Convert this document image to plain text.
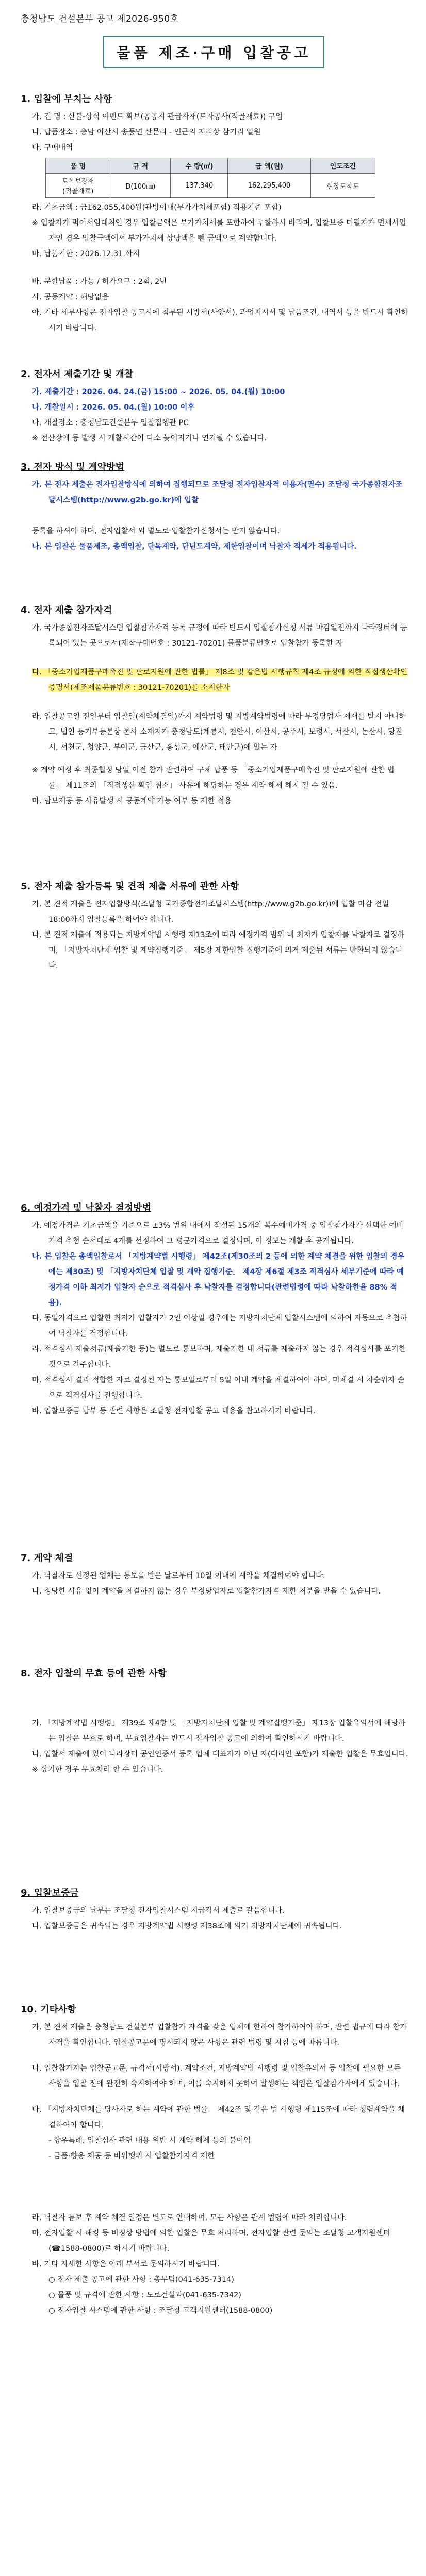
충청남도 건설본부 공고 제2026-950호
물품 제조·구매 입찰공고
1. 입찰에 부치는 사항

가. 건 명 : 산불-상식 이벤트 확보(공공지 관급자재(토자공사(적골재료)) 구입

나. 납품장소 : 충남 아산시 송풍면 산문리 - 인근의 지리상 삼거리 일원

다. 구매내역

품 명	규 격	수 량(㎡)	금 액(원)	인도조건
토목보강재
(적골재료)	D(100㎜)	137,340	162,295,400	현장도착도

라. 기초금액 : 금162,055,400원(관방이내(부가가치세포함) 적용기준 포함)

※ 입찰자가 먹어서임대처인 경우 입찰금액은 부가가치세를 포함하여 투찰하시 바라며, 입찰보증 미필자가 면세사업자인 경우 입찰금액에서 부가가치세 상당액을 뺀 금액으로 계약함니다.

마. 납품기한 : 2026.12.31.까지

바. 분할납품 : 가능 / 허가요구 : 2회, 2년

사. 공동계약 : 해당없음

아. 기타 세부사항은 전자입찰 공고시에 첨부된 시방서(사양서), 과업지시서 및 납품조건, 내역서 등을 반드시 확인하시기 바랍니다.

2. 전자서 제출기간 및 개찰

가. 제출기간 : 2026. 04. 24.(금) 15:00 ~ 2026. 05. 04.(월) 10:00

나. 개찰일시 : 2026. 05. 04.(월) 10:00 이후

다. 개찰장소 : 충청남도건설본부 입찰집행관 PC

※ 전산장애 등 발생 시 개찰시간이 다소 늦어지거나 연기될 수 있습니다.

3. 전자 방식 및 계약방법

가. 본 전자 제출은 전자입찰방식에 의하여 집행되므로 조달청 전자입찰자격 이용자(필수) 조달청 국가종합전자조달시스템(http://www.g2b.go.kr)에 입찰

등록을 하셔야 하며, 전자입찰서 외 별도로 입찰참가신청서는 반지 않습니다.

나. 본 입찰은 물품제조, 총액입찰, 단독계약, 단년도계약, 제한입찰이며 낙찰자 적세가 적용됩니다.

4. 전자 제출 참가자격

가. 국가종합전자조달시스템 입찰참가자격 등록 규정에 따라 반드시 입찰참가신청 서류 마감일전까지 나라장터에 등록되어 있는 곳으로서(제작구매번호 : 30121-70201) 물품분류번호로 입찰참가 등록한 자

다. 「중소기업제품구매촉진 및 판로지원에 관한 법률」 제8조 및 같은법 시행규칙 제4조 규정에 의한 직접생산확인증명서(제조제품분류번호 : 30121-70201)를 소지한자

라. 입찰공고일 전일부터 입찰일(계약체결일)까지 계약법령 및 지방계약법령에 따라 부정당업자 제재를 받지 아니하고, 법인 등기부등본상 본사 소재지가 충청남도(계룡시, 천안시, 아산시, 공주시, 보령시, 서산시, 논산시, 당진시, 서천군, 청양군, 부여군, 금산군, 홍성군, 예산군, 태안군)에 있는 자

※ 계약 예정 후 최종협정 당일 이전 참가 관련하여 구체 납품 등 「중소기업제품구매촉진 및 판로지원에 관한 법률」 제11조의 「직접생산 확인 취소」 사유에 해당하는 경우 계약 해제 해지 될 수 있음.

마. 담보제공 등 사유발생 시 공동계약 가능 여부 등 제한 적용

5. 전자 제출 참가등록 및 견적 제출 서류에 관한 사항

가. 본 견적 제출은 전자입찰방식(조달청 국가종합전자조달시스템(http://www.g2b.go.kr))에 입찰 마감 전일 18:00까지 입찰등록을 하여야 합니다.

나. 본 견적 제출에 적용되는 지방계약법 시행령 제13조에 따라 예정가격 범위 내 최저가 입찰자를 낙찰자로 결정하며, 「지방자치단체 입찰 및 계약집행기준」 제5장 제한입찰 집행기준에 의거 제출된 서류는 반환되지 않습니다.

6. 예정가격 및 낙찰자 결정방법

가. 예정가격은 기초금액을 기준으로 ±3% 범위 내에서 작성된 15개의 복수예비가격 중 입찰참가자가 선택한 예비가격 추첨 순서대로 4개를 선정하여 그 평균가격으로 결정되며, 이 정보는 개찰 후 공개됩니다.

나. 본 입찰은 총액입찰로서 「지방계약법 시행령」 제42조(제30조의 2 등에 의한 계약 체결을 위한 입찰의 경우에는 제30조) 및 「지방자치단체 입찰 및 계약 집행기준」 제4장 제6절 제3조 적격심사 세부기준에 따라 예정가격 이하 최저가 입찰자 순으로 적격심사 후 낙찰자를 결정합니다(관련법령에 따라 낙찰하한율 88% 적용).

다. 동일가격으로 입찰한 최저가 입찰자가 2인 이상일 경우에는 지방자치단체 입찰시스템에 의하여 자동으로 추첨하여 낙찰자를 결정합니다.

라. 적격심사 제출서류(제출기한 등)는 별도로 통보하며, 제출기한 내 서류를 제출하지 않는 경우 적격심사를 포기한 것으로 간주합니다.

마. 적격심사 결과 적합한 자로 결정된 자는 통보일로부터 5일 이내 계약을 체결하여야 하며, 미체결 시 차순위자 순으로 적격심사를 진행합니다.

바. 입찰보증금 납부 등 관련 사항은 조달청 전자입찰 공고 내용을 참고하시기 바랍니다.

7. 계약 체결

가. 낙찰자로 선정된 업체는 통보를 받은 날로부터 10일 이내에 계약을 체결하여야 합니다.

나. 정당한 사유 없이 계약을 체결하지 않는 경우 부정당업자로 입찰참가자격 제한 처분을 받을 수 있습니다.

8. 전자 입찰의 무효 등에 관한 사항

가. 「지방계약법 시행령」 제39조 제4항 및 「지방자치단체 입찰 및 계약집행기준」 제13장 입찰유의서에 해당하는 입찰은 무효로 하며, 무효입찰자는 반드시 전자입찰 공고에 의하여 확인하시기 바랍니다.

나. 입찰서 제출에 있어 나라장터 공인인증서 등록 업체 대표자가 아닌 자(대리인 포함)가 제출한 입찰은 무효입니다.

※ 상기한 경우 무효처리 할 수 있습니다.

9. 입찰보증금

가. 입찰보증금의 납부는 조달청 전자입찰시스템 지급각서 제출로 갈음합니다.

나. 입찰보증금은 귀속되는 경우 지방계약법 시행령 제38조에 의거 지방자치단체에 귀속됩니다.

10. 기타사항

가. 본 견적 제출은 충청남도 건설본부 입찰참가 자격을 갖춘 업체에 한하여 참가하여야 하며, 관련 법규에 따라 참가자격을 확인합니다. 입찰공고문에 명시되지 않은 사항은 관련 법령 및 지침 등에 따릅니다.

나. 입찰참가자는 입찰공고문, 규격서(시방서), 계약조건, 지방계약법 시행령 및 입찰유의서 등 입찰에 필요한 모든 사항을 입찰 전에 완전히 숙지하여야 하며, 이를 숙지하지 못하여 발생하는 책임은 입찰참가자에게 있습니다.

다. 「지방자치단체를 당사자로 하는 계약에 관한 법률」 제42조 및 같은 법 시행령 제115조에 따라 청렴계약을 체결하여야 합니다.

- 향우특례, 입찰심사 관련 내용 위반 시 계약 해제 등의 불이익

- 금품·향응 제공 등 비위행위 시 입찰참가자격 제한

라. 낙찰자 통보 후 계약 체결 일정은 별도로 안내하며, 모든 사항은 관계 법령에 따라 처리합니다.

마. 전자입찰 시 해킹 등 비정상 방법에 의한 입찰은 무효 처리하며, 전자입찰 관련 문의는 조달청 고객지원센터(☎1588-0800)로 하시기 바랍니다.

바. 기타 자세한 사항은 아래 부서로 문의하시기 바랍니다.

○ 전자 제출 공고에 관한 사항 : 총무팀(041-635-7314)

○ 물품 및 규격에 관한 사항 : 도로건설과(041-635-7342)

○ 전자입찰 시스템에 관한 사항 : 조달청 고객지원센터(1588-0800)
